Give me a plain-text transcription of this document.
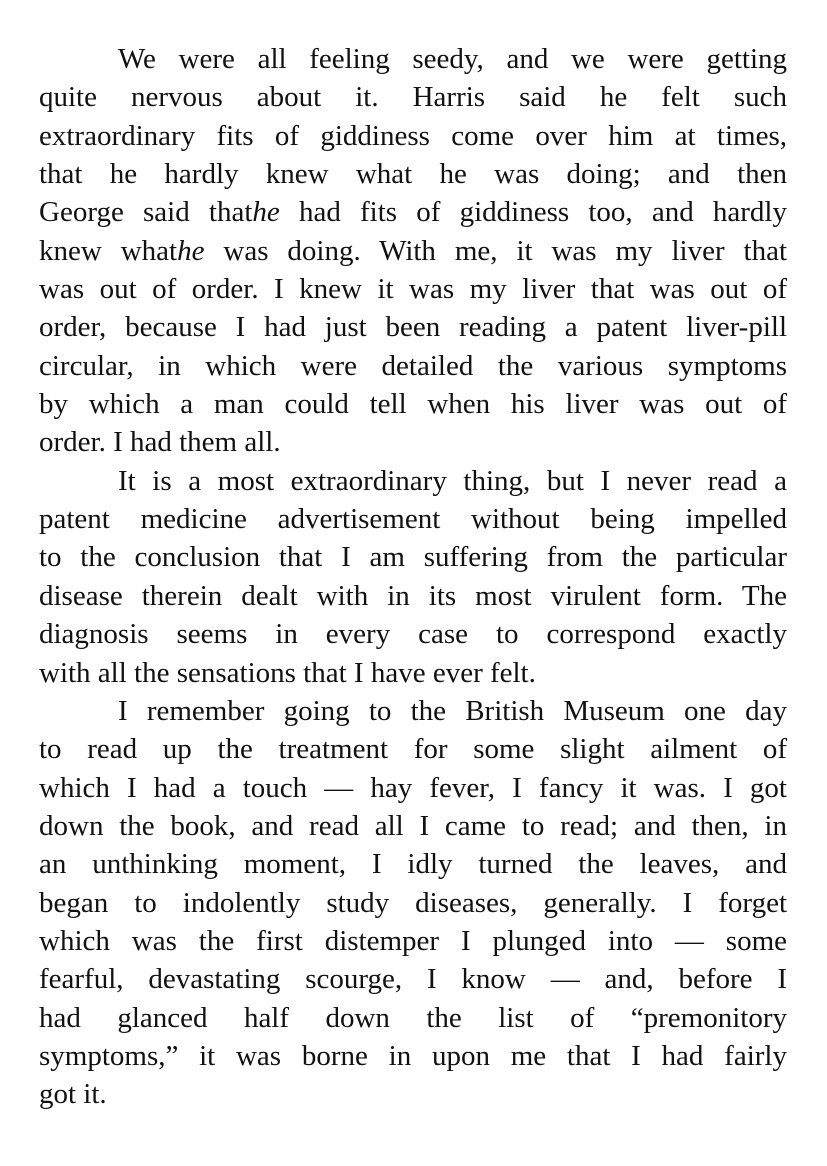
We were all feeling seedy, and we were getting
quite nervous about it. Harris said he felt such
extraordinary fits of giddiness come over him at times,
that he hardly knew what he was doing; and then
George said thathe had fits of giddiness too, and hardly
knew whathe was doing. With me, it was my liver that
was out of order. I knew it was my liver that was out of
order, because I had just been reading a patent liver-pill
circular, in which were detailed the various symptoms
by which a man could tell when his liver was out of
order. I had them all.
It is a most extraordinary thing, but I never read a
patent medicine advertisement without being impelled
to the conclusion that I am suffering from the particular
disease therein dealt with in its most virulent form. The
diagnosis seems in every case to correspond exactly
with all the sensations that I have ever felt.
I remember going to the British Museum one day
to read up the treatment for some slight ailment of
which I had a touch — hay fever, I fancy it was. I got
down the book, and read all I came to read; and then, in
an unthinking moment, I idly turned the leaves, and
began to indolently study diseases, generally. I forget
which was the first distemper I plunged into — some
fearful, devastating scourge, I know — and, before I
had glanced half down the list of “premonitory
symptoms,” it was borne in upon me that I had fairly
got it.
